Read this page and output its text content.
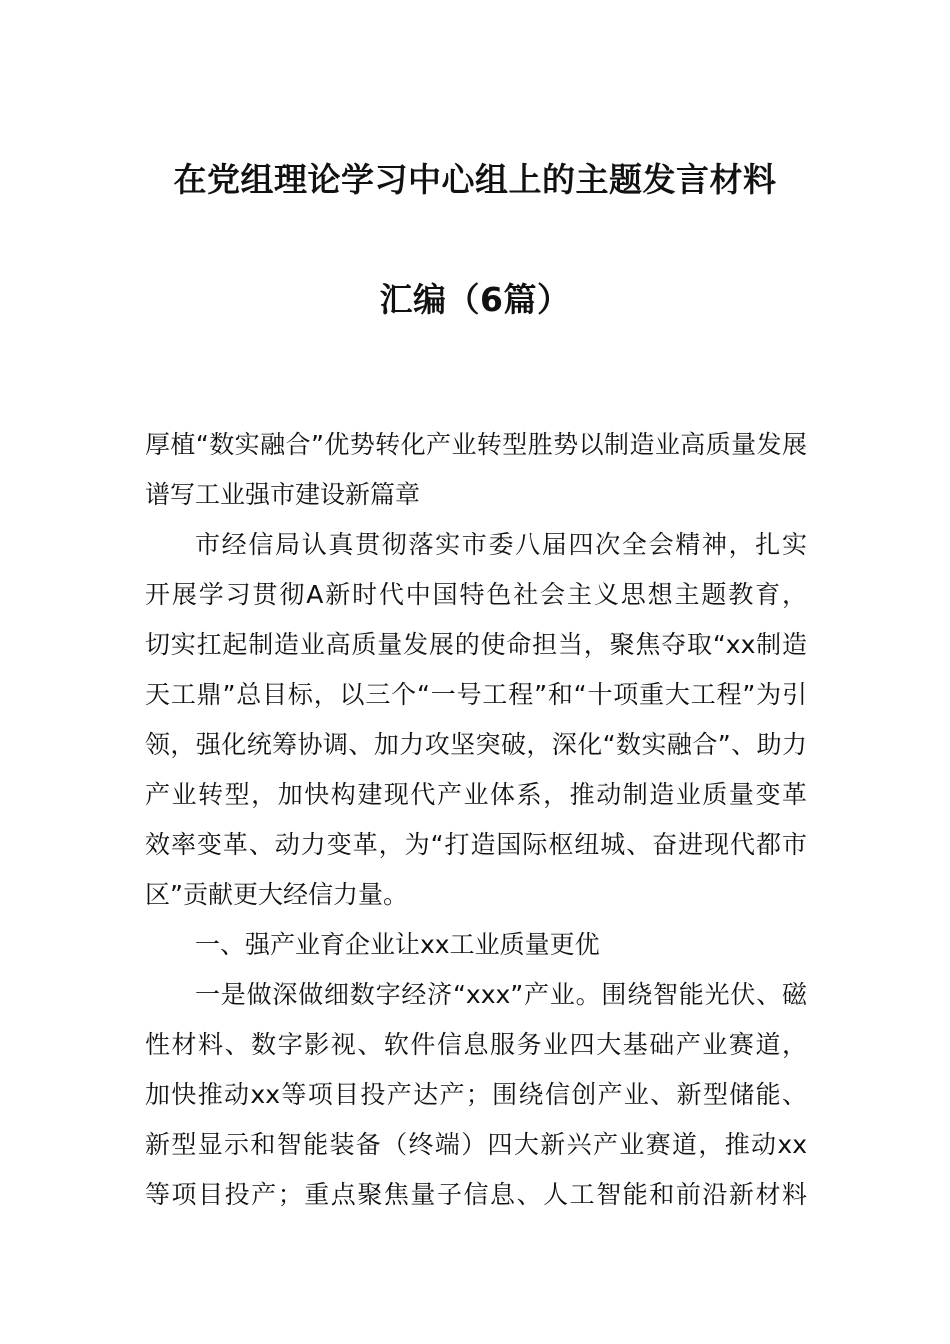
在党组理论学习中心组上的主题发言材料
汇编（6篇）
厚植“数实融合”优势转化产业转型胜势以制造业高质量发展
谱写工业强市建设新篇章
市经信局认真贯彻落实市委八届四次全会精神，扎实
开展学习贯彻A新时代中国特色社会主义思想主题教育，
切实扛起制造业高质量发展的使命担当，聚焦夺取“xx制造
天工鼎”总目标，以三个“一号工程”和“十项重大工程”为引
领，强化统筹协调、加力攻坚突破，深化“数实融合”、助力
产业转型，加快构建现代产业体系，推动制造业质量变革
效率变革、动力变革，为“打造国际枢纽城、奋进现代都市
区”贡献更大经信力量。
一、强产业育企业让xx工业质量更优
一是做深做细数字经济“xxx”产业。围绕智能光伏、磁
性材料、数字影视、软件信息服务业四大基础产业赛道，
加快推动xx等项目投产达产；围绕信创产业、新型储能、
新型显示和智能装备（终端）四大新兴产业赛道，推动xx
等项目投产；重点聚焦量子信息、人工智能和前沿新材料
